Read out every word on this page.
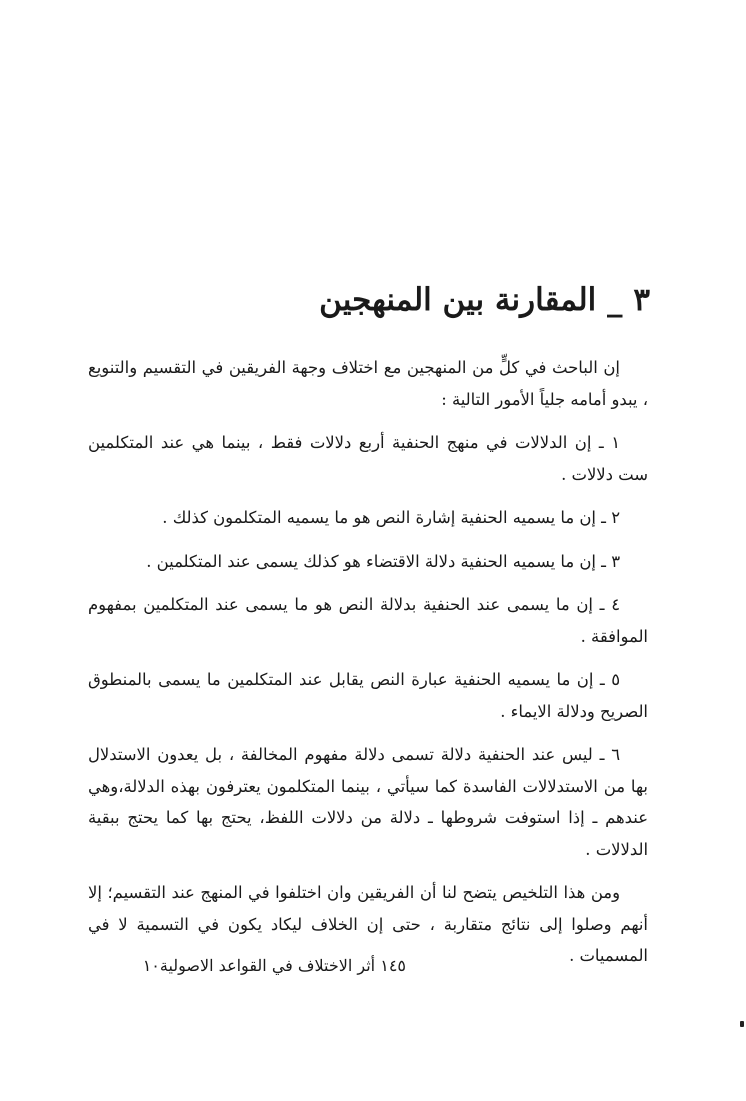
٣ _ المقارنة بين المنهجين

إن الباحث في كلٍّ من المنهجين مع اختلاف وجهة الفريقين في التقسيم والتنويع ، يبدو أمامه جلياً الأمور التالية :

١ ـ إن الدلالات في منهج الحنفية أربع دلالات فقط ، بينما هي عند المتكلمين ست دلالات .

٢ ـ إن ما يسميه الحنفية إشارة النص هو ما يسميه المتكلمون كذلك .

٣ ـ إن ما يسميه الحنفية دلالة الاقتضاء هو كذلك يسمى عند المتكلمين .

٤ ـ إن ما يسمى عند الحنفية بدلالة النص هو ما يسمى عند المتكلمين بمفهوم الموافقة .

٥ ـ إن ما يسميه الحنفية عبارة النص يقابل عند المتكلمين ما يسمى بالمنطوق الصريح ودلالة الايماء .

٦ ـ ليس عند الحنفية دلالة تسمى دلالة مفهوم المخالفة ، بل يعدون الاستدلال بها من الاستدلالات الفاسدة كما سيأتي ، بينما المتكلمون يعترفون بهذه الدلالة،وهي عندهم ـ إذا استوفت شروطها ـ دلالة من دلالات اللفظ، يحتج بها كما يحتج ببقية الدلالات .

ومن هذا التلخيص يتضح لنا أن الفريقين وان اختلفوا في المنهج عند التقسيم؛ إلا أنهم وصلوا إلى نتائج متقاربة ، حتى إن الخلاف ليكاد يكون في التسمية لا في المسميات .

١٤٥ أثر الاختلاف في القواعد الاصولية١٠
